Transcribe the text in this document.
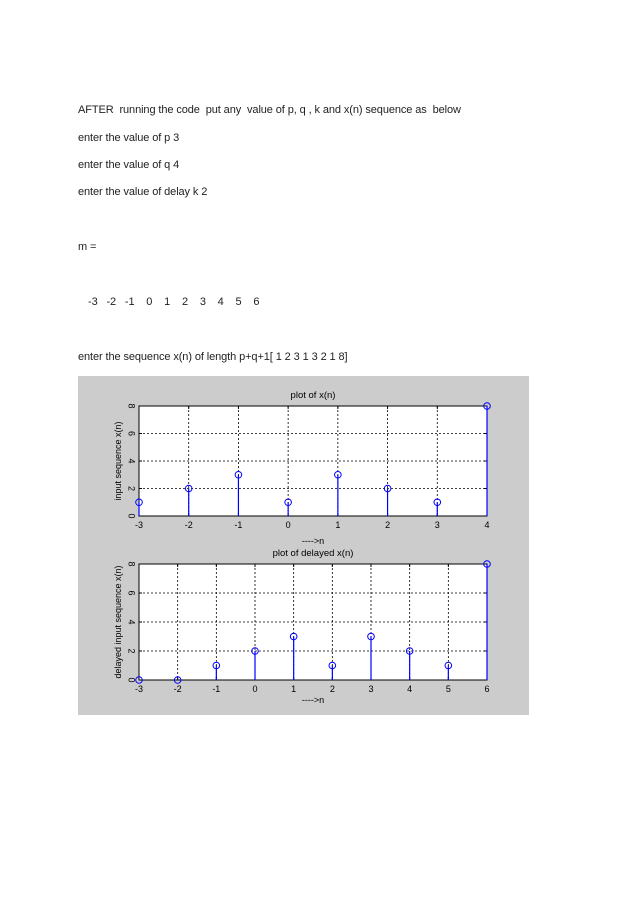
AFTER  running the code  put any  value of p, q , k and x(n) sequence as  below
enter the value of p 3
enter the value of q 4
enter the value of delay k 2
m =
-3   -2   -1    0    1    2    3    4    5    6
enter the sequence x(n) of length p+q+1[ 1 2 3 1 3 2 1 8]
-3	-2	-1	0	1	2	3	4
0
2
4
6
8
plot of x(n)
---->n
input sequence x(n)
-3	-2	-1	0	1	2	3	4	5	6
0
2
4
6
8
plot of delayed x(n)
---->n
delayed input sequence x(n)
